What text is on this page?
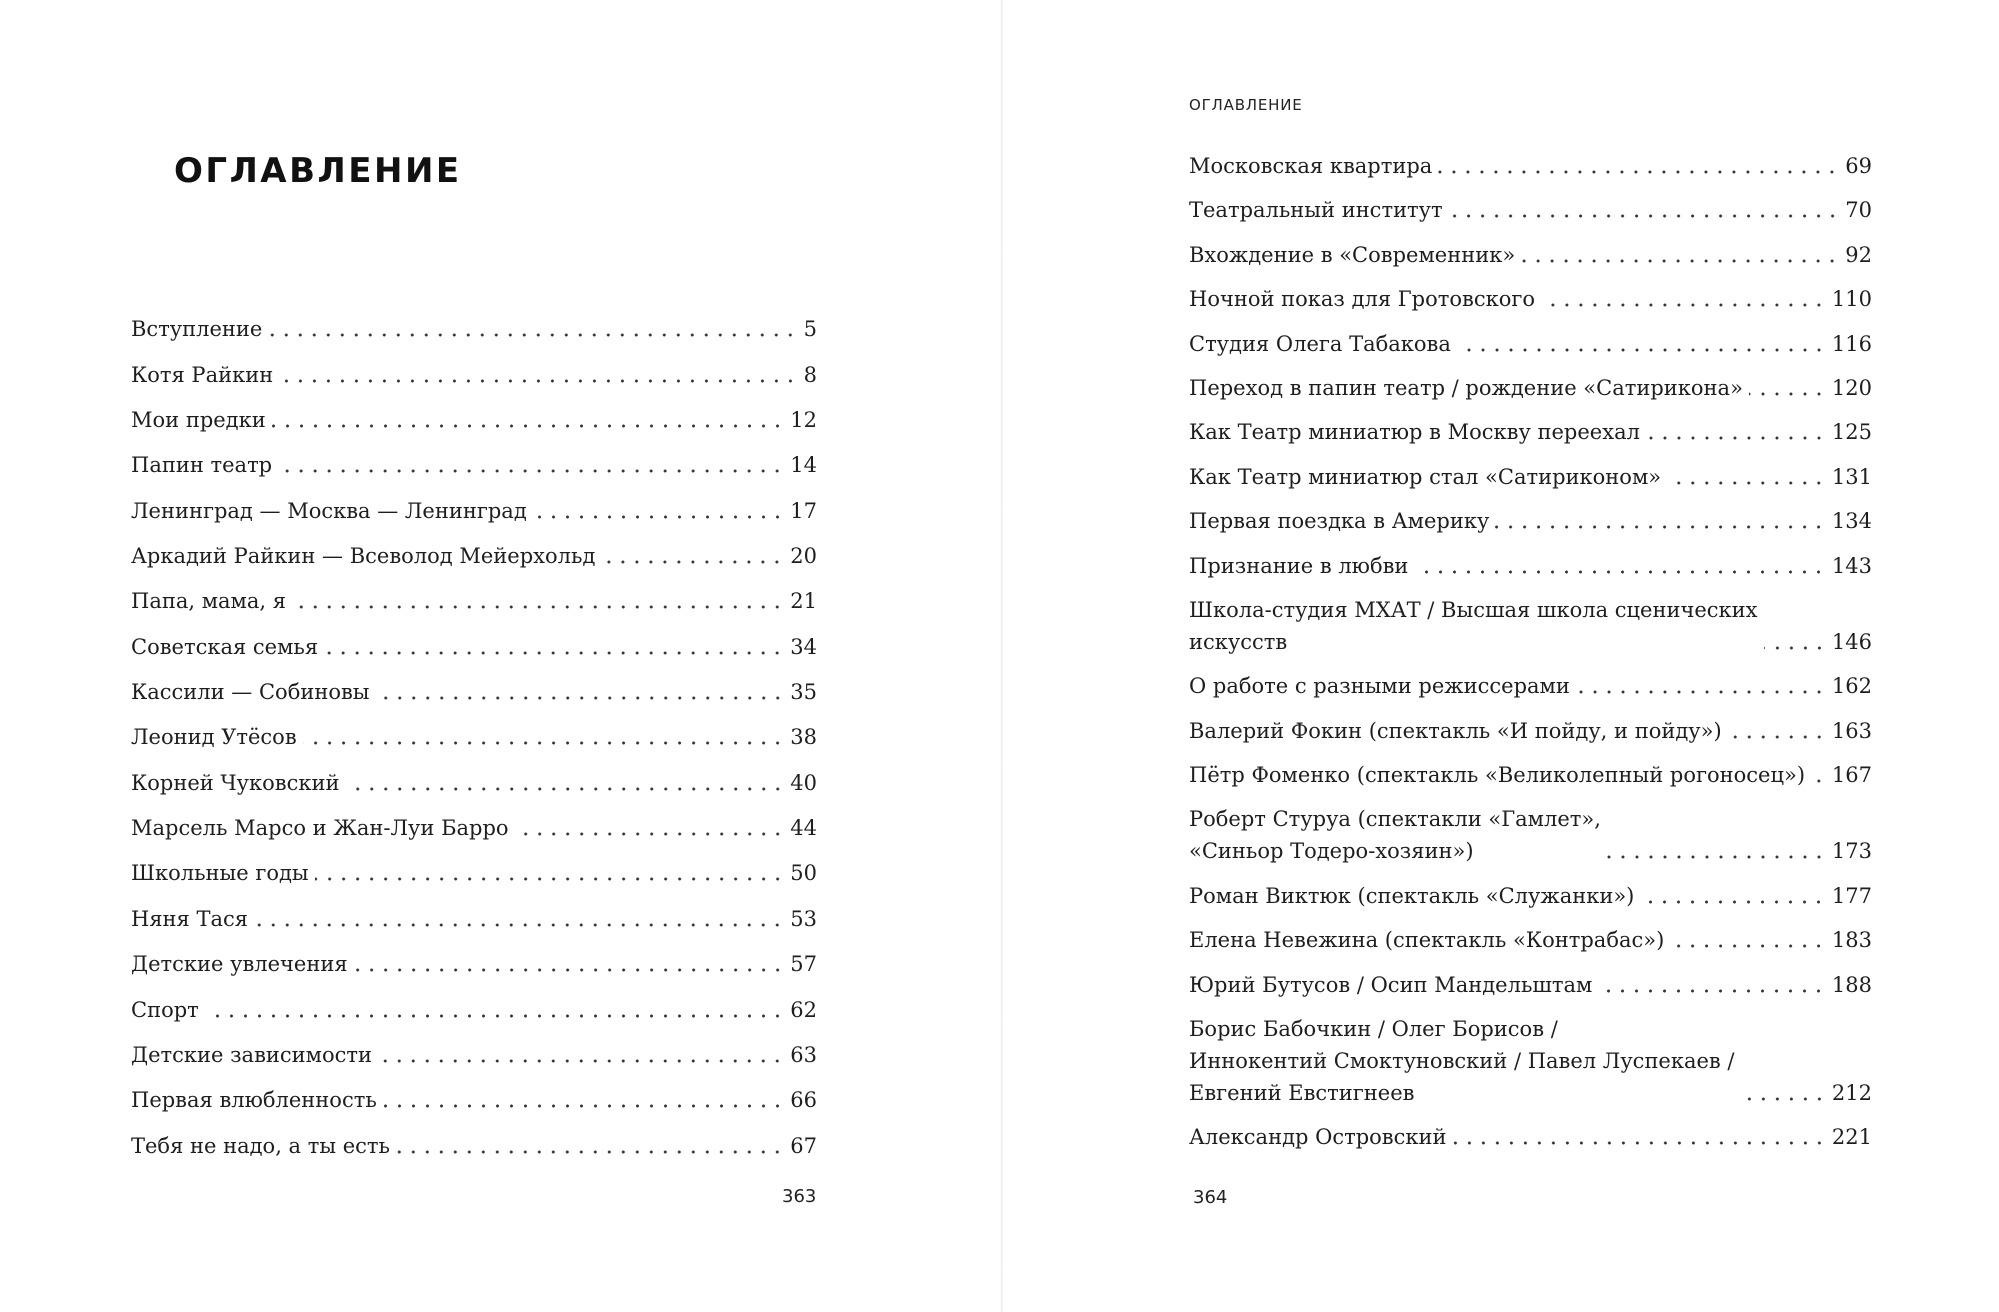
ОГЛАВЛЕНИЕ
Вступление	5
Котя Райкин	8
Мои предки	12
Папин театр	14
Ленинград — Москва — Ленинград	17
Аркадий Райкин — Всеволод Мейерхольд	20
Папа, мама, я	21
Советская семья	34
Кассили — Собиновы	35
Леонид Утёсов	38
Корней Чуковский	40
Марсель Марсо и Жан-Луи Барро	44
Школьные годы	50
Няня Тася	53
Детские увлечения	57
Спорт	62
Детские зависимости	63
Первая влюбленность	66
Тебя не надо, а ты есть	67
363
ОГЛАВЛЕНИЕ
Московская квартира	69
Театральный институт	70
Вхождение в «Современник»	92
Ночной показ для Гротовского	110
Студия Олега Табакова	116
Переход в папин театр / рождение «Сатирикона»	120
Как Театр миниатюр в Москву переехал	125
Как Театр миниатюр стал «Сатириконом»	131
Первая поездка в Америку	134
Признание в любви	143
Школа-студия МХАТ / Высшая школа сценических
искусств	146
О работе с разными режиссерами	162
Валерий Фокин (спектакль «И пойду, и пойду»)	163
Пётр Фоменко (спектакль «Великолепный рогоносец») 167
Роберт Стуруа (спектакли «Гамлет»,
«Синьор Тодеро-хозяин»)	173
Роман Виктюк (спектакль «Служанки»)	177
Елена Невежина (спектакль «Контрабас»)	183
Юрий Бутусов / Осип Мандельштам	188
Борис Бабочкин / Олег Борисов /
Иннокентий Смоктуновский / Павел Луспекаев /
Евгений Евстигнеев	212
Александр Островский	221
364
